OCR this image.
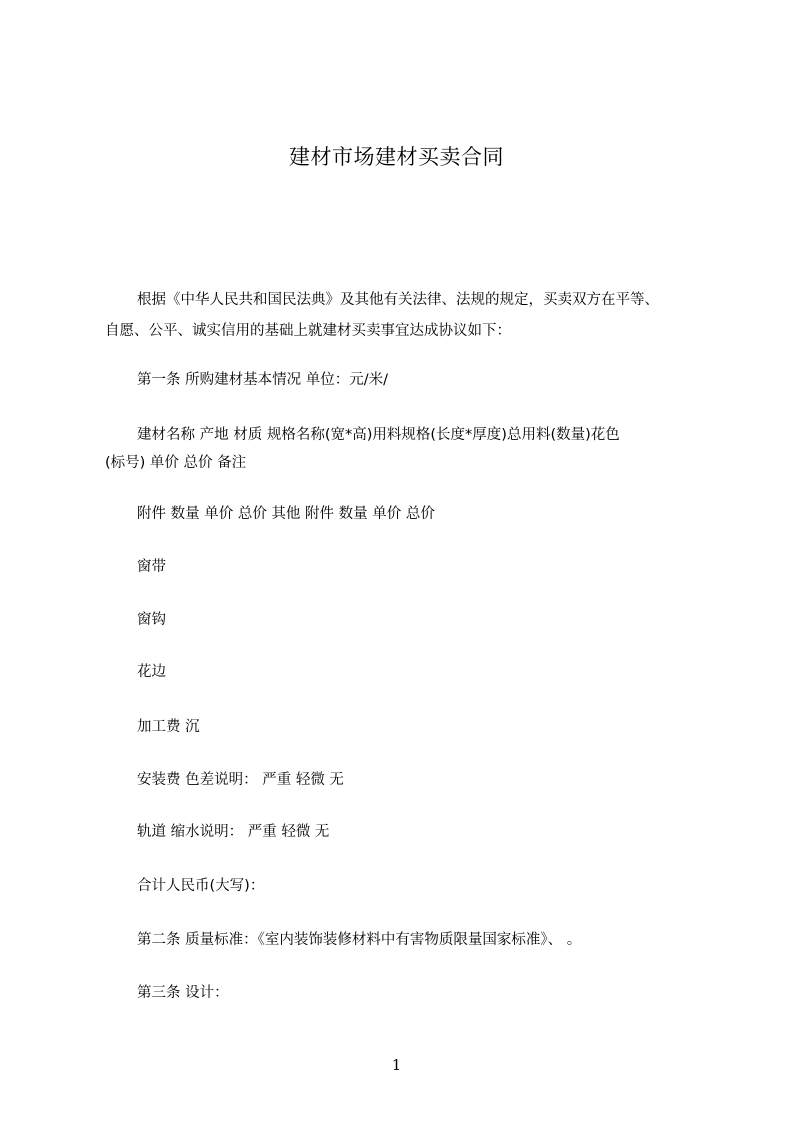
建材市场建材买卖合同
根据《中华人民共和国民法典》及其他有关法律、法规的规定，买卖双方在平等、
自愿、公平、诚实信用的基础上就建材买卖事宜达成协议如下：
第一条 所购建材基本情况 单位：元/米/
建材名称 产地 材质 规格名称(宽*高)用料规格(长度*厚度)总用料(数量)花色
(标号) 单价 总价 备注
附件 数量 单价 总价 其他 附件 数量 单价 总价
窗带
窗钩
花边
加工费 沉
安装费 色差说明： 严重 轻微 无
轨道 缩水说明： 严重 轻微 无
合计人民币(大写)：
第二条 质量标准：《室内装饰装修材料中有害物质限量国家标准》、 。
第三条 设计：
1
